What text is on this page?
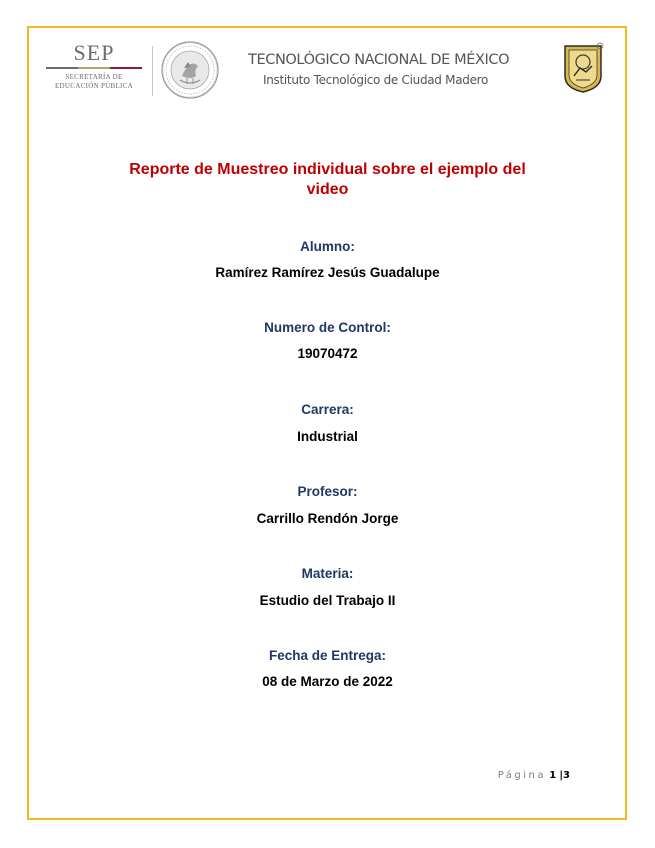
SEP
SECRETARÍA DE
EDUCACIÓN PÚBLICA
TECNOLÓGICO NACIONAL DE MÉXICO
Instituto Tecnológico de Ciudad Madero
Reporte de Muestreo individual sobre el ejemplo del
video
Alumno:
Ramírez Ramírez Jesús Guadalupe
Numero de Control:
19070472
Carrera:
Industrial
Profesor:
Carrillo Rendón Jorge
Materia:
Estudio del Trabajo II
Fecha de Entrega:
08 de Marzo de 2022
Página 1 |3
